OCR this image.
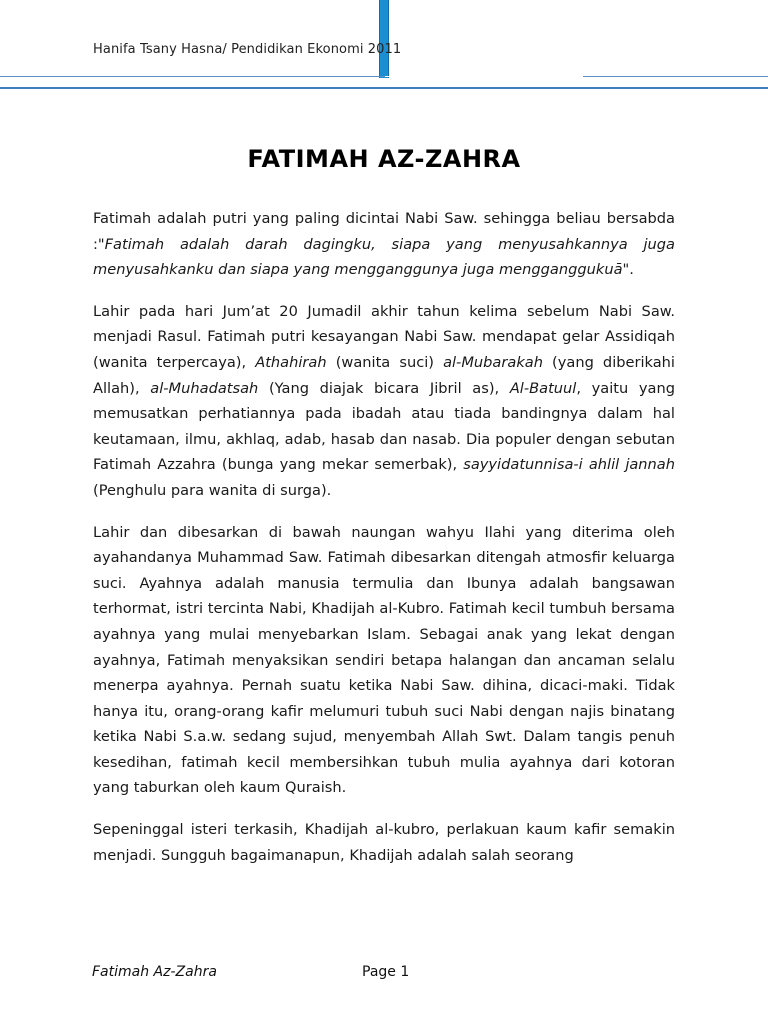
Hanifa Tsany Hasna/ Pendidikan Ekonomi 2011
FATIMAH AZ-ZAHRA

Fatimah adalah putri yang paling dicintai Nabi Saw. sehingga beliau bersabda :"Fatimah adalah darah dagingku, siapa yang menyusahkannya juga menyusahkanku dan siapa yang mengganggunya juga mengganggukuā".

Lahir pada hari Jum’at 20 Jumadil akhir tahun kelima sebelum Nabi Saw. menjadi Rasul. Fatimah putri kesayangan Nabi Saw. mendapat gelar Assidiqah (wanita terpercaya), Athahirah (wanita suci) al-Mubarakah (yang diberikahi Allah), al-Muhadatsah (Yang diajak bicara Jibril as), Al-Batuul, yaitu yang memusatkan perhatiannya pada ibadah atau tiada bandingnya dalam hal keutamaan, ilmu, akhlaq, adab, hasab dan nasab. Dia populer dengan sebutan Fatimah Azzahra (bunga yang mekar semerbak), sayyidatunnisa-i ahlil jannah (Penghulu para wanita di surga).

Lahir dan dibesarkan di bawah naungan wahyu Ilahi yang diterima oleh ayahandanya Muhammad Saw. Fatimah dibesarkan ditengah atmosfir keluarga suci. Ayahnya adalah manusia termulia dan Ibunya adalah bangsawan terhormat, istri tercinta Nabi, Khadijah al-Kubro. Fatimah kecil tumbuh bersama ayahnya yang mulai menyebarkan Islam. Sebagai anak yang lekat dengan ayahnya, Fatimah menyaksikan sendiri betapa halangan dan ancaman selalu menerpa ayahnya. Pernah suatu ketika Nabi Saw. dihina, dicaci-maki. Tidak hanya itu, orang-orang kafir melumuri tubuh suci Nabi dengan najis binatang ketika Nabi S.a.w. sedang sujud, menyembah Allah Swt. Dalam tangis penuh kesedihan, fatimah kecil membersihkan tubuh mulia ayahnya dari kotoran yang taburkan oleh kaum Quraish.

Sepeninggal isteri terkasih, Khadijah al-kubro, perlakuan kaum kafir semakin menjadi. Sungguh bagaimanapun, Khadijah adalah salah seorang

Fatimah Az-Zahra	Page 1
